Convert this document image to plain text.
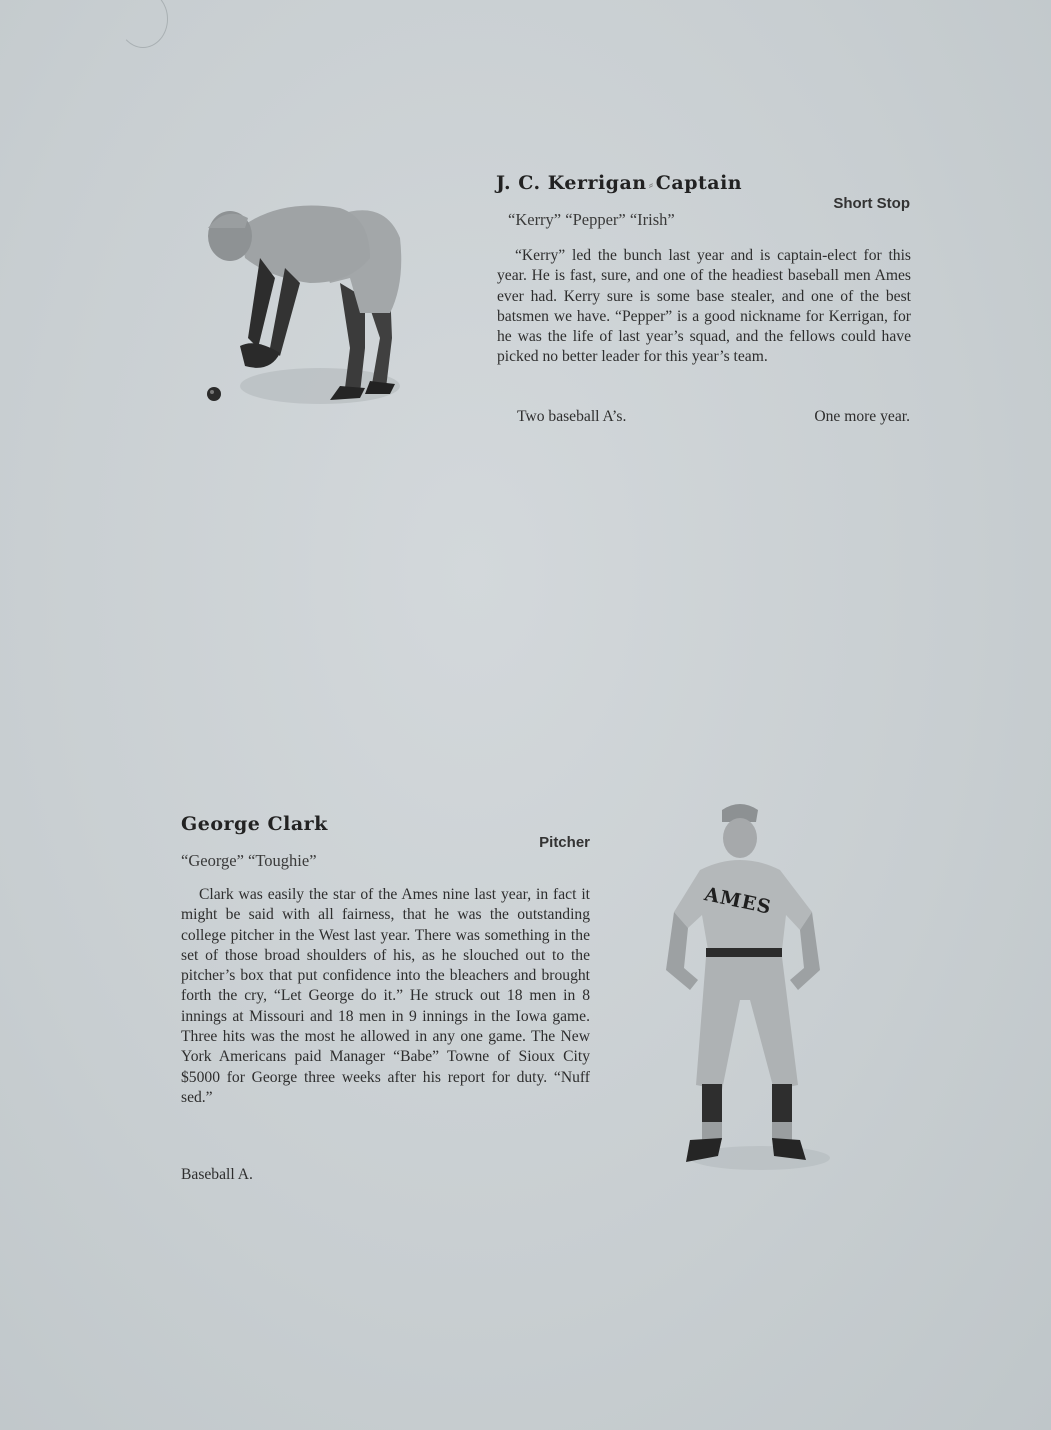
J. C. Kerrigan ⸗ Captain
Short Stop
“Kerry” “Pepper” “Irish”

“Kerry” led the bunch last year and is captain-elect for this year. He is fast, sure, and one of the headiest baseball men Ames ever had. Kerry sure is some base stealer, and one of the best batsmen we have. “Pepper” is a good nickname for Kerrigan, for he was the life of last year’s squad, and the fellows could have picked no better leader for this year’s team.

Two baseball A’s.	One more year.
George Clark
Pitcher
“George” “Toughie”

Clark was easily the star of the Ames nine last year, in fact it might be said with all fairness, that he was the outstanding college pitcher in the West last year. There was something in the set of those broad shoulders of his, as he slouched out to the pitcher’s box that put confidence into the bleachers and brought forth the cry, “Let George do it.” He struck out 18 men in 8 innings at Missouri and 18 men in 9 innings in the Iowa game. Three hits was the most he allowed in any one game. The New York Americans paid Manager “Babe” Towne of Sioux City $5000 for George three weeks after his report for duty. “Nuff sed.”

Baseball A.
AMES
